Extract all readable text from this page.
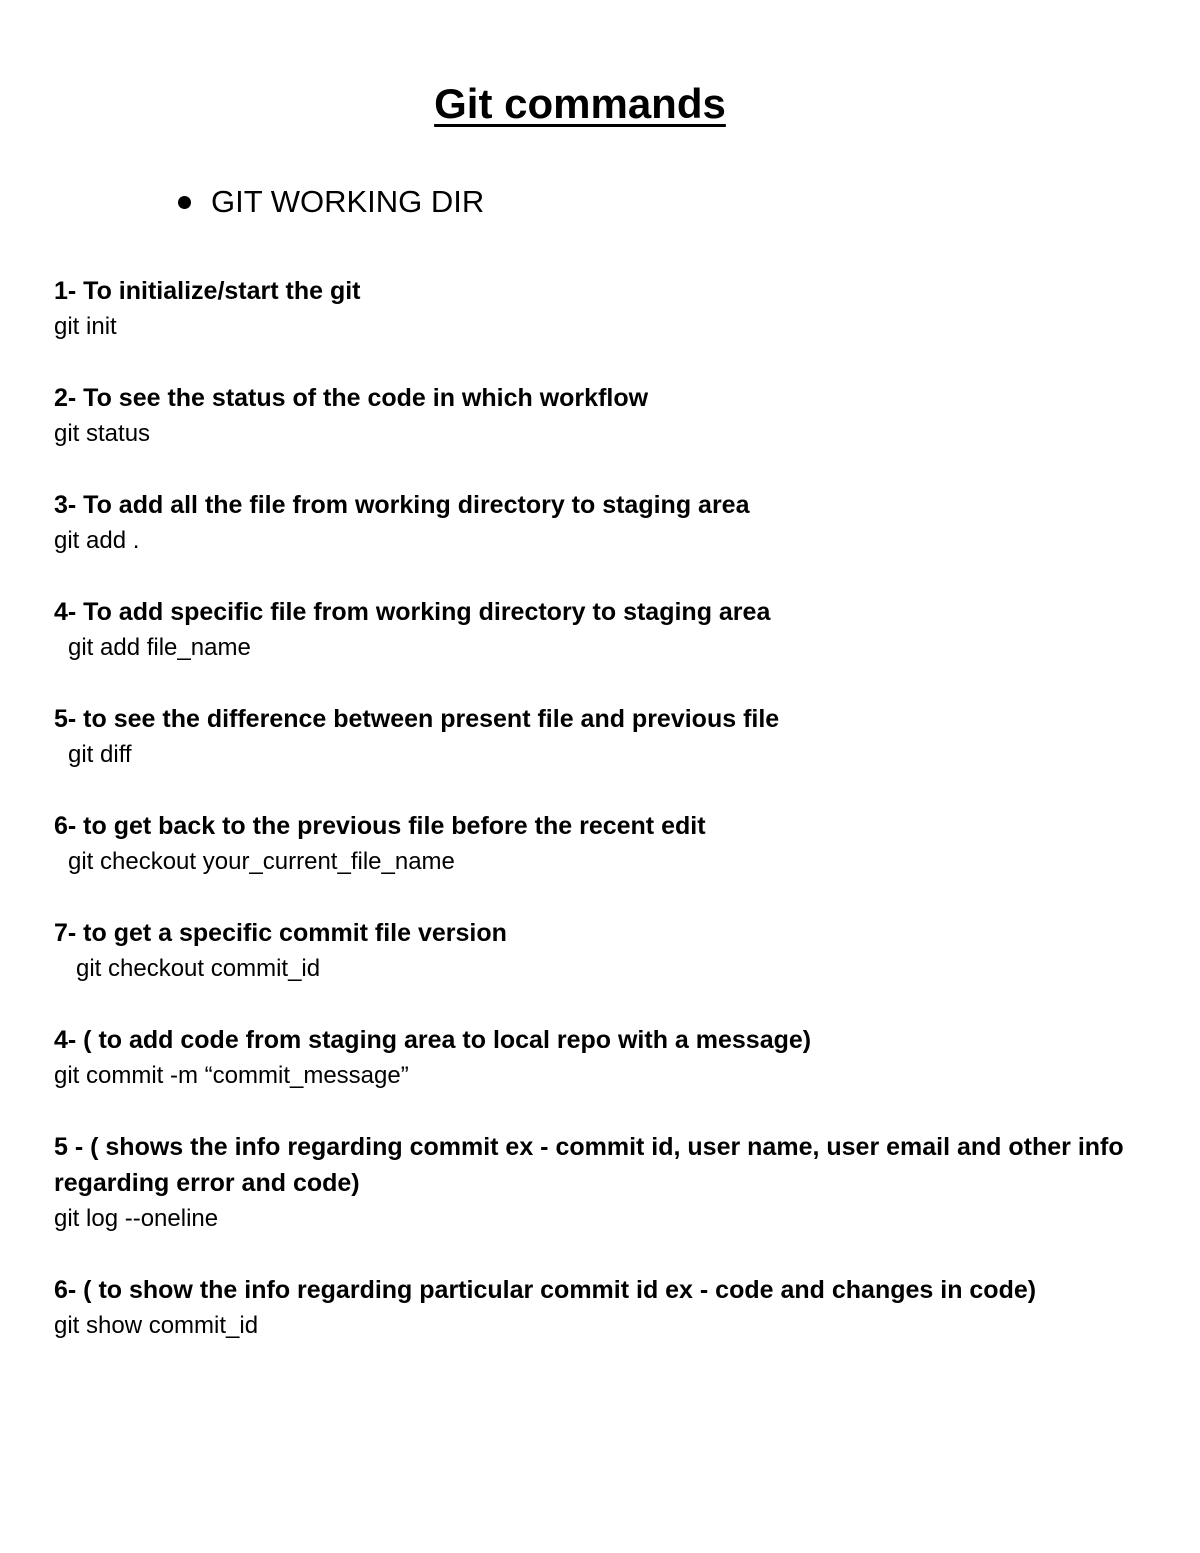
Git commands
GIT WORKING DIR

1- To initialize/start the git

git init

2- To see the status of the code in which workflow

git status

3- To add all the file from working directory to staging area

git add .

4- To add specific file from working directory to staging area

git add file_name

5- to see the difference between present file and previous file

git diff

6- to get back to the previous file before the recent edit

git checkout your_current_file_name

7- to get a specific commit file version

git checkout commit_id

4- ( to add code from staging area to local repo with a message)

git commit -m “commit_message”

5 - ( shows the info regarding commit ex - commit id, user name, user email and other info regarding error and code)

git log --oneline

6- ( to show the info regarding particular commit id ex - code and changes in code)

git show commit_id
